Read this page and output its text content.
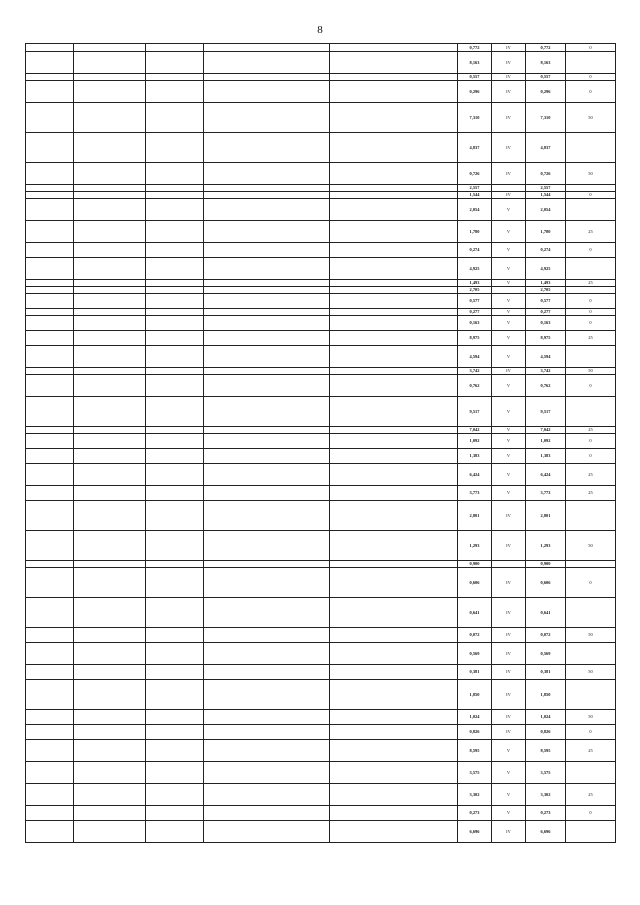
8
					0,772	IV	0,772	0
					8,163	IV	8,163	
					0,557	IV	0,557	0
					0,296	IV	0,296	0
					7,310	IV	7,310	50
					4,837	IV	4,837	
					0,726	IV	0,726	50
					2,557		2,557	
					1,544	IV	1,544	0
					2,054	V	2,054	
					1,780	V	1,780	25
					0,274	V	0,274	0
					4,925	V	4,925	
					1,493	V	1,493	25
					2,705		2,705	
					0,577	V	0,577	0
					0,277	V	0,277	0
					0,163	V	0,163	0
					8,975	V	8,975	25
					4,594	V	4,594	
					3,742	IV	3,742	50
					0,762	V	0,762	0
					9,517	V	9,517	
					7,042	V	7,042	25
					1,092	V	1,092	0
					1,383	V	1,383	0
					6,424	V	6,424	25
					3,773	V	3,773	25
					2,801	IV	2,801	
					1,293	IV	1,293	50
					0,900		0,900	
					0,606	IV	0,606	0
					0,641	IV	0,641	
					0,072	IV	0,072	50
					0,569	IV	0,569	
					0,381	IV	0,381	50
					1,850	IV	1,850	
					1,024	IV	1,024	50
					0,826	IV	0,826	0
					8,595	V	8,595	25
					3,575	V	3,575	
					3,302	V	3,302	25
					0,273	V	0,273	0
					6,696	IV	6,696	
